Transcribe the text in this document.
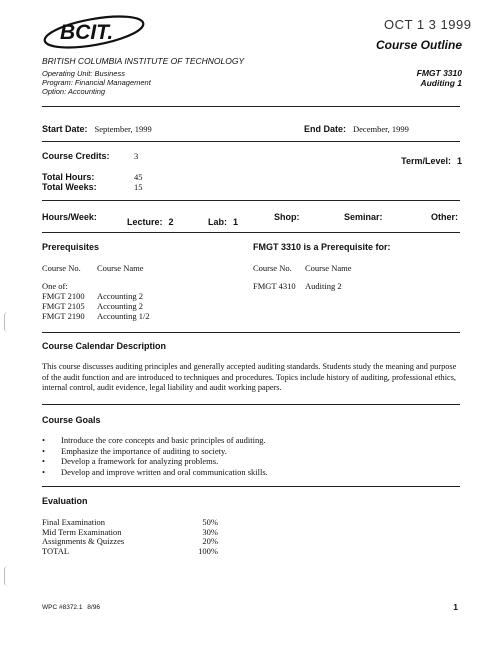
BCIT.	OCT 1 3 1999
Course Outline
BRITISH COLUMBIA INSTITUTE OF TECHNOLOGY
Operating Unit: Business
Program: Financial Management
Option: Accounting
FMGT 3310
Auditing 1
Start Date: September, 1999	End Date: December, 1999
Course Credits:	3	Term/Level: 1
Total Hours:	45
Total Weeks:	15
Hours/Week:	Lecture: 2	Lab: 1	Shop:	Seminar:	Other:
Prerequisites
Course No. Course Name
One of:
FMGT 2100	Accounting 2
FMGT 2105	Accounting 2
FMGT 2190	Accounting 1/2
FMGT 3310 is a Prerequisite for:
Course No. Course Name
FMGT 4310	Auditing 2
Course Calendar Description
This course discusses auditing principles and generally accepted auditing standards. Students study the meaning and purpose of the audit function and are introduced to techniques and procedures. Topics include history of auditing, professional ethics, internal control, audit evidence, legal liability and audit working papers.
Course Goals
• Introduce the core concepts and basic principles of auditing.
• Emphasize the importance of auditing to society.
• Develop a framework for analyzing problems.
• Develop and improve written and oral communication skills.
Evaluation
Final Examination	50%
Mid Term Examination	30%
Assignments & Quizzes	20%
TOTAL	100%
WPC #8372.1 8/96	1
